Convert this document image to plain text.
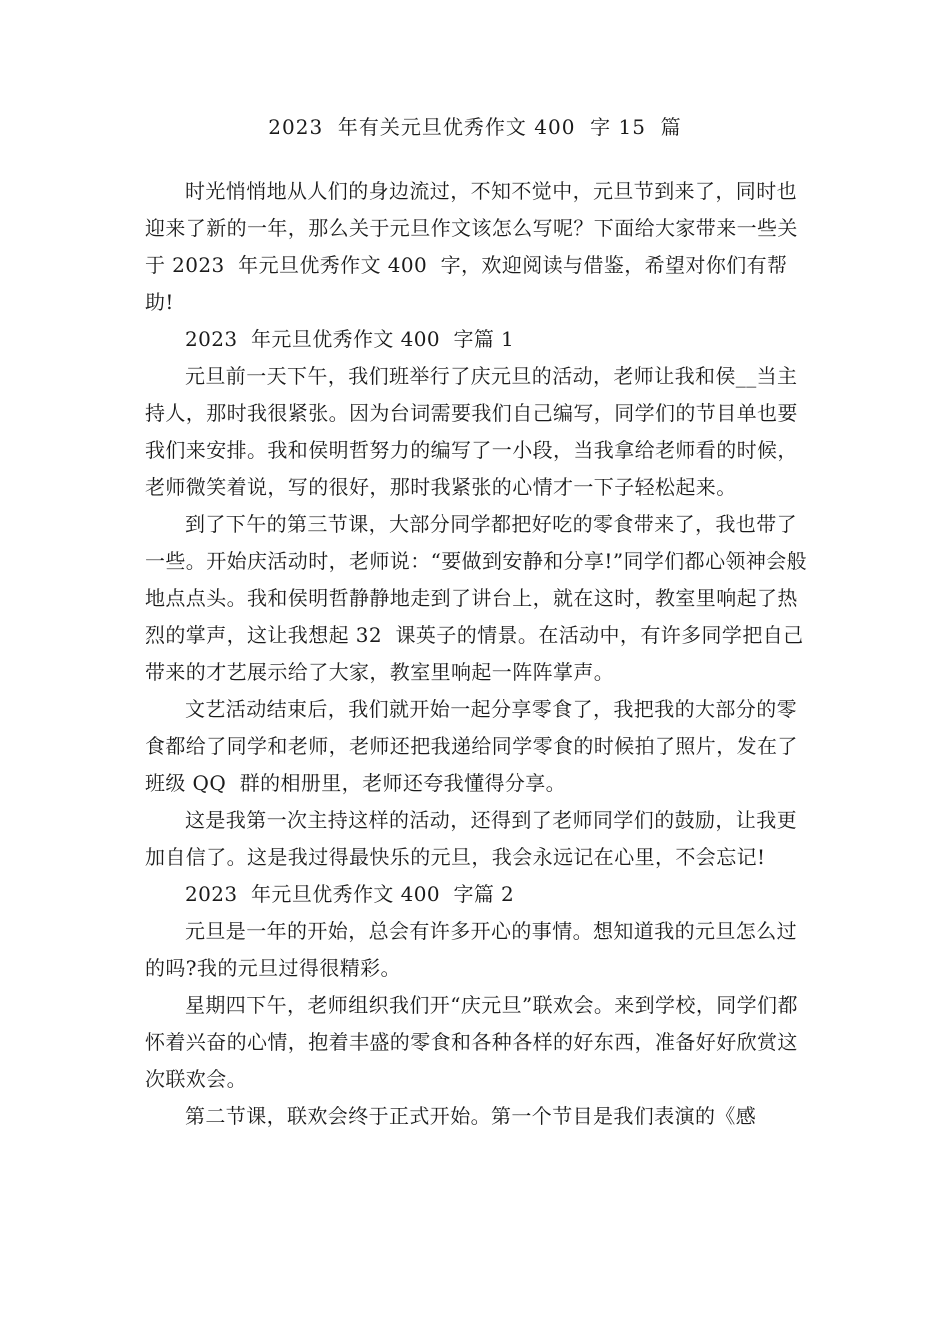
2023  年有关元旦优秀作文 400  字 15  篇

时光悄悄地从人们的身边流过，不知不觉中，元旦节到来了，同时也迎来了新的一年，那么关于元旦作文该怎么写呢？下面给大家带来一些关于 2023  年元旦优秀作文 400  字，欢迎阅读与借鉴，希望对你们有帮助!

2023  年元旦优秀作文 400  字篇 1

元旦前一天下午，我们班举行了庆元旦的活动，老师让我和侯__当主持人，那时我很紧张。因为台词需要我们自己编写，同学们的节目单也要我们来安排。我和侯明哲努力的编写了一小段，当我拿给老师看的时候，老师微笑着说，写的很好，那时我紧张的心情才一下子轻松起来。

到了下午的第三节课，大部分同学都把好吃的零食带来了，我也带了一些。开始庆活动时，老师说：“要做到安静和分享!”同学们都心领神会般地点点头。我和侯明哲静静地走到了讲台上，就在这时，教室里响起了热烈的掌声，这让我想起 32  课英子的情景。在活动中，有许多同学把自己带来的才艺展示给了大家，教室里响起一阵阵掌声。

文艺活动结束后，我们就开始一起分享零食了，我把我的大部分的零食都给了同学和老师，老师还把我递给同学零食的时候拍了照片，发在了班级 QQ  群的相册里，老师还夸我懂得分享。

这是我第一次主持这样的活动，还得到了老师同学们的鼓励，让我更加自信了。这是我过得最快乐的元旦，我会永远记在心里，不会忘记!

2023  年元旦优秀作文 400  字篇 2

元旦是一年的开始，总会有许多开心的事情。想知道我的元旦怎么过的吗?我的元旦过得很精彩。

星期四下午，老师组织我们开“庆元旦”联欢会。来到学校，同学们都怀着兴奋的心情，抱着丰盛的零食和各种各样的好东西，准备好好欣赏这次联欢会。

第二节课，联欢会终于正式开始。第一个节目是我们表演的《感
